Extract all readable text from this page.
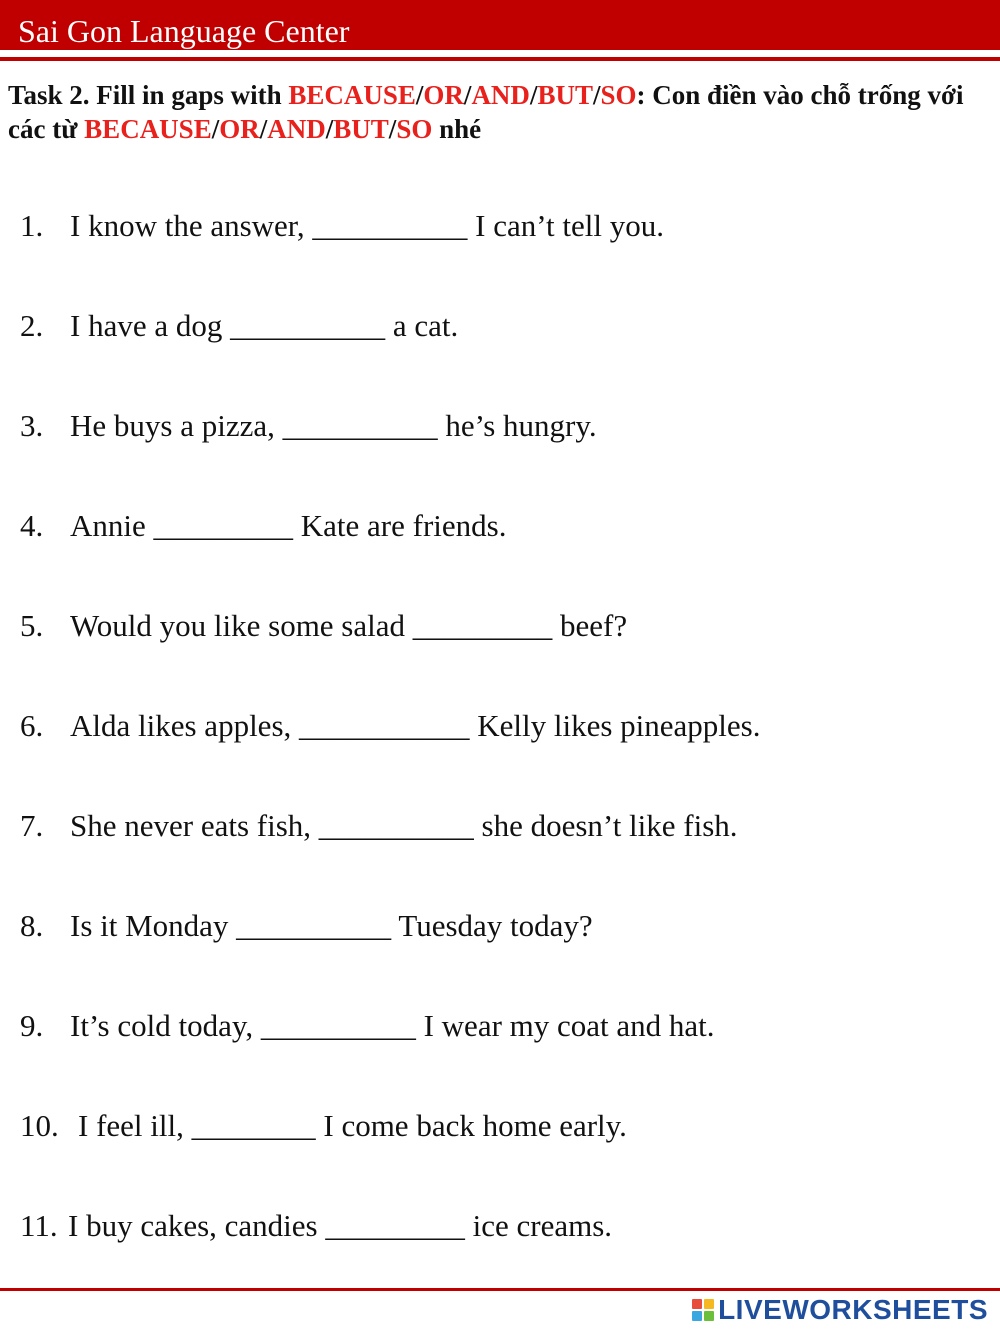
Sai Gon Language Center
Task 2. Fill in gaps with BECAUSE/OR/AND/BUT/SO: Con điền vào chỗ trống với các từ BECAUSE/OR/AND/BUT/SO nhé
1. I know the answer, __________ I can’t tell you.
2. I have a dog __________ a cat.
3. He buys a pizza, __________ he’s hungry.
4. Annie _________ Kate are friends.
5. Would you like some salad _________ beef?
6. Alda likes apples, ___________ Kelly likes pineapples.
7. She never eats fish, __________ she doesn’t like fish.
8. Is it Monday __________ Tuesday today?
9. It’s cold today, __________ I wear my coat and hat.
10. I feel ill, ________ I come back home early.
11. I buy cakes, candies _________ ice creams.
LIVEWORKSHEETS
